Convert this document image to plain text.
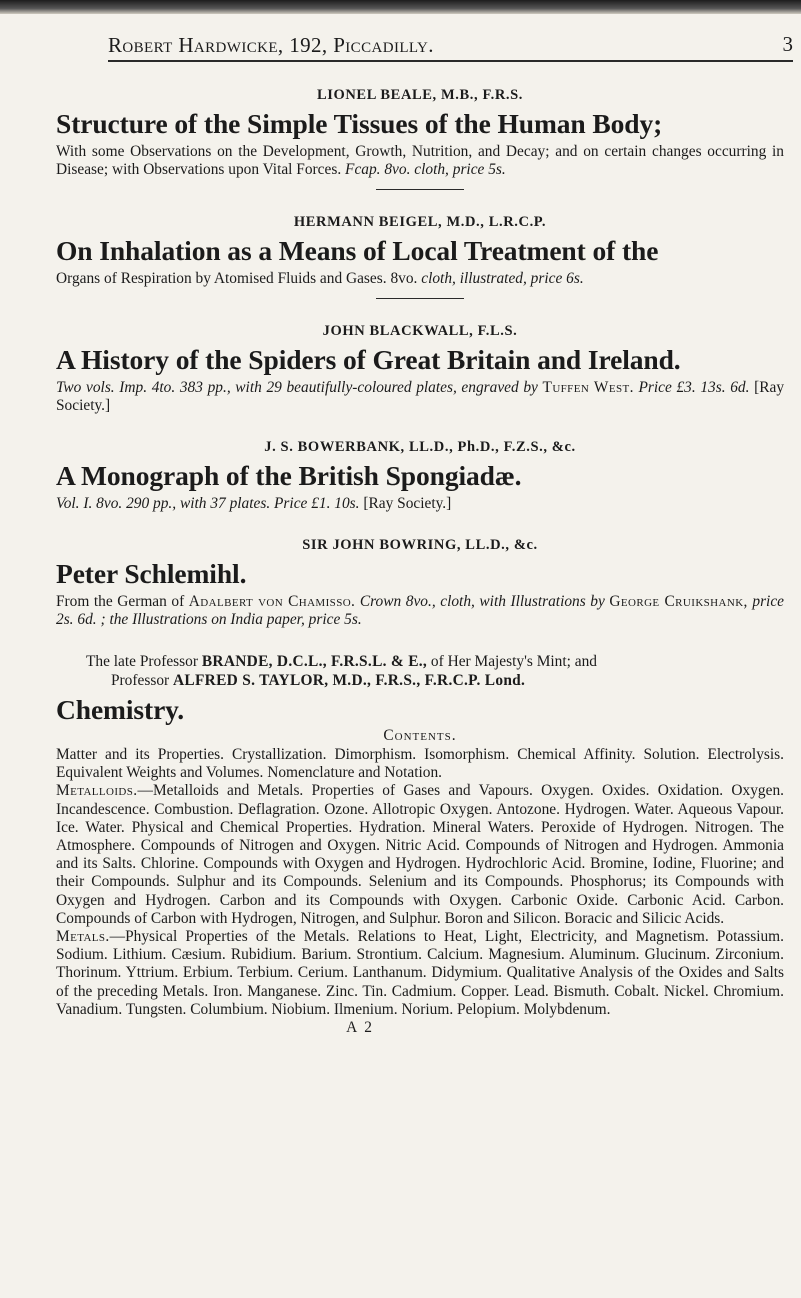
Robert Hardwicke, 192, Piccadilly.	3

LIONEL BEALE, M.B., F.R.S.

Structure of the Simple Tissues of the Human Body;

With some Observations on the Development, Growth, Nutrition, and Decay; and on certain changes occurring in Disease; with Observations upon Vital Forces. Fcap. 8vo. cloth, price 5s.

HERMANN BEIGEL, M.D., L.R.C.P.

On Inhalation as a Means of Local Treatment of the

Organs of Respiration by Atomised Fluids and Gases. 8vo. cloth, illustrated, price 6s.

JOHN BLACKWALL, F.L.S.

A History of the Spiders of Great Britain and Ireland.

Two vols. Imp. 4to. 383 pp., with 29 beautifully-coloured plates, engraved by Tuffen West. Price £3. 13s. 6d. [Ray Society.]

J. S. BOWERBANK, LL.D., Ph.D., F.Z.S., &c.

A Monograph of the British Spongiadæ.

Vol. I. 8vo. 290 pp., with 37 plates. Price £1. 10s. [Ray Society.]

SIR JOHN BOWRING, LL.D., &c.

Peter Schlemihl.

From the German of Adalbert von Chamisso. Crown 8vo., cloth, with Illustrations by George Cruikshank, price 2s. 6d. ; the Illustrations on India paper, price 5s.

The late Professor BRANDE, D.C.L., F.R.S.L. & E., of Her Majesty's Mint; and

Professor ALFRED S. TAYLOR, M.D., F.R.S., F.R.C.P. Lond.

Chemistry.

Contents.

Matter and its Properties. Crystallization. Dimorphism. Isomorphism. Chemical Affinity. Solution. Electrolysis. Equivalent Weights and Volumes. Nomenclature and Notation.

Metalloids.—Metalloids and Metals. Properties of Gases and Vapours. Oxygen. Oxides. Oxidation. Oxygen. Incandescence. Combustion. Deflagration. Ozone. Allotropic Oxygen. Antozone. Hydrogen. Water. Aqueous Vapour. Ice. Water. Physical and Chemical Properties. Hydration. Mineral Waters. Peroxide of Hydrogen. Nitrogen. The Atmosphere. Compounds of Nitrogen and Oxygen. Nitric Acid. Compounds of Nitrogen and Hydrogen. Ammonia and its Salts. Chlorine. Compounds with Oxygen and Hydrogen. Hydrochloric Acid. Bromine, Iodine, Fluorine; and their Compounds. Sulphur and its Compounds. Selenium and its Compounds. Phosphorus; its Compounds with Oxygen and Hydrogen. Carbon and its Compounds with Oxygen. Carbonic Oxide. Carbonic Acid. Carbon. Compounds of Carbon with Hydrogen, Nitrogen, and Sulphur. Boron and Silicon. Boracic and Silicic Acids.

Metals.—Physical Properties of the Metals. Relations to Heat, Light, Electricity, and Magnetism. Potassium. Sodium. Lithium. Cæsium. Rubidium. Barium. Strontium. Calcium. Magnesium. Aluminum. Glucinum. Zirconium. Thorinum. Yttrium. Erbium. Terbium. Cerium. Lanthanum. Didymium. Qualitative Analysis of the Oxides and Salts of the preceding Metals. Iron. Manganese. Zinc. Tin. Cadmium. Copper. Lead. Bismuth. Cobalt. Nickel. Chromium. Vanadium. Tungsten. Columbium. Niobium. Ilmenium. Norium. Pelopium. Molybdenum.

A 2
